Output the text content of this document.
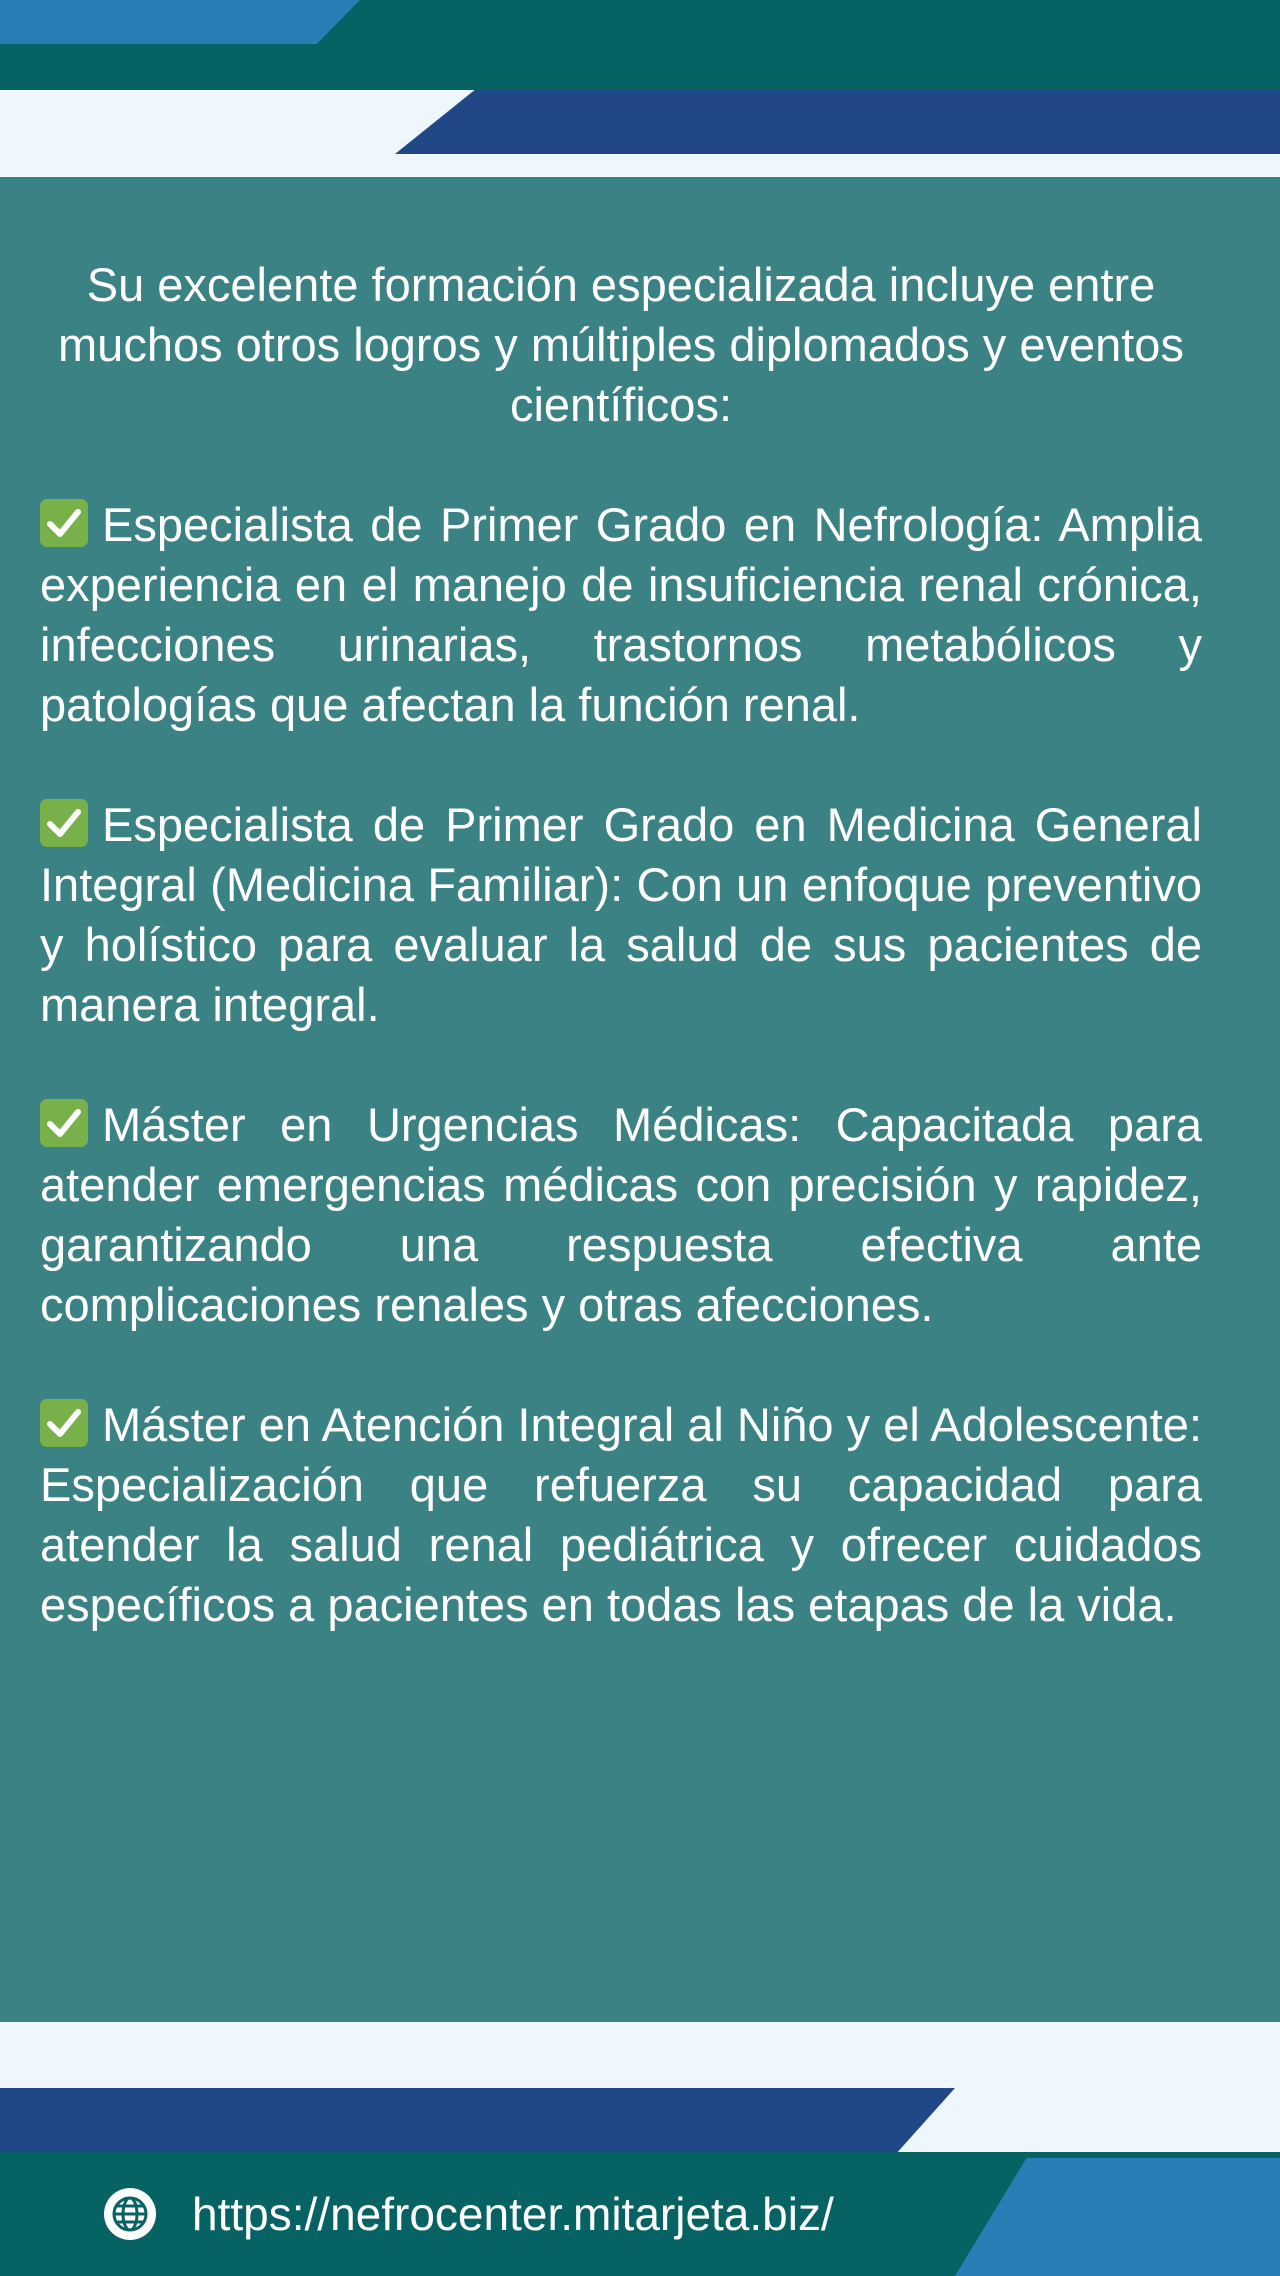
Su excelente formación especializada incluye entre muchos otros logros y múltiples diplomados y eventos científicos:

Especialista de Primer Grado en Nefrología: Amplia experiencia en el manejo de insuficiencia renal crónica, infecciones urinarias, trastornos metabólicos y patologías que afectan la función renal.

Especialista de Primer Grado en Medicina General Integral (Medicina Familiar): Con un enfoque preventivo y holístico para evaluar la salud de sus pacientes de manera integral.

Máster en Urgencias Médicas: Capacitada para atender emergencias médicas con precisión y rapidez, garantizando una respuesta efectiva ante complicaciones renales y otras afecciones.

Máster en Atención Integral al Niño y el Adolescente: Especialización que refuerza su capacidad para atender la salud renal pediátrica y ofrecer cuidados específicos a pacientes en todas las etapas de la vida.

https://nefrocenter.mitarjeta.biz/
